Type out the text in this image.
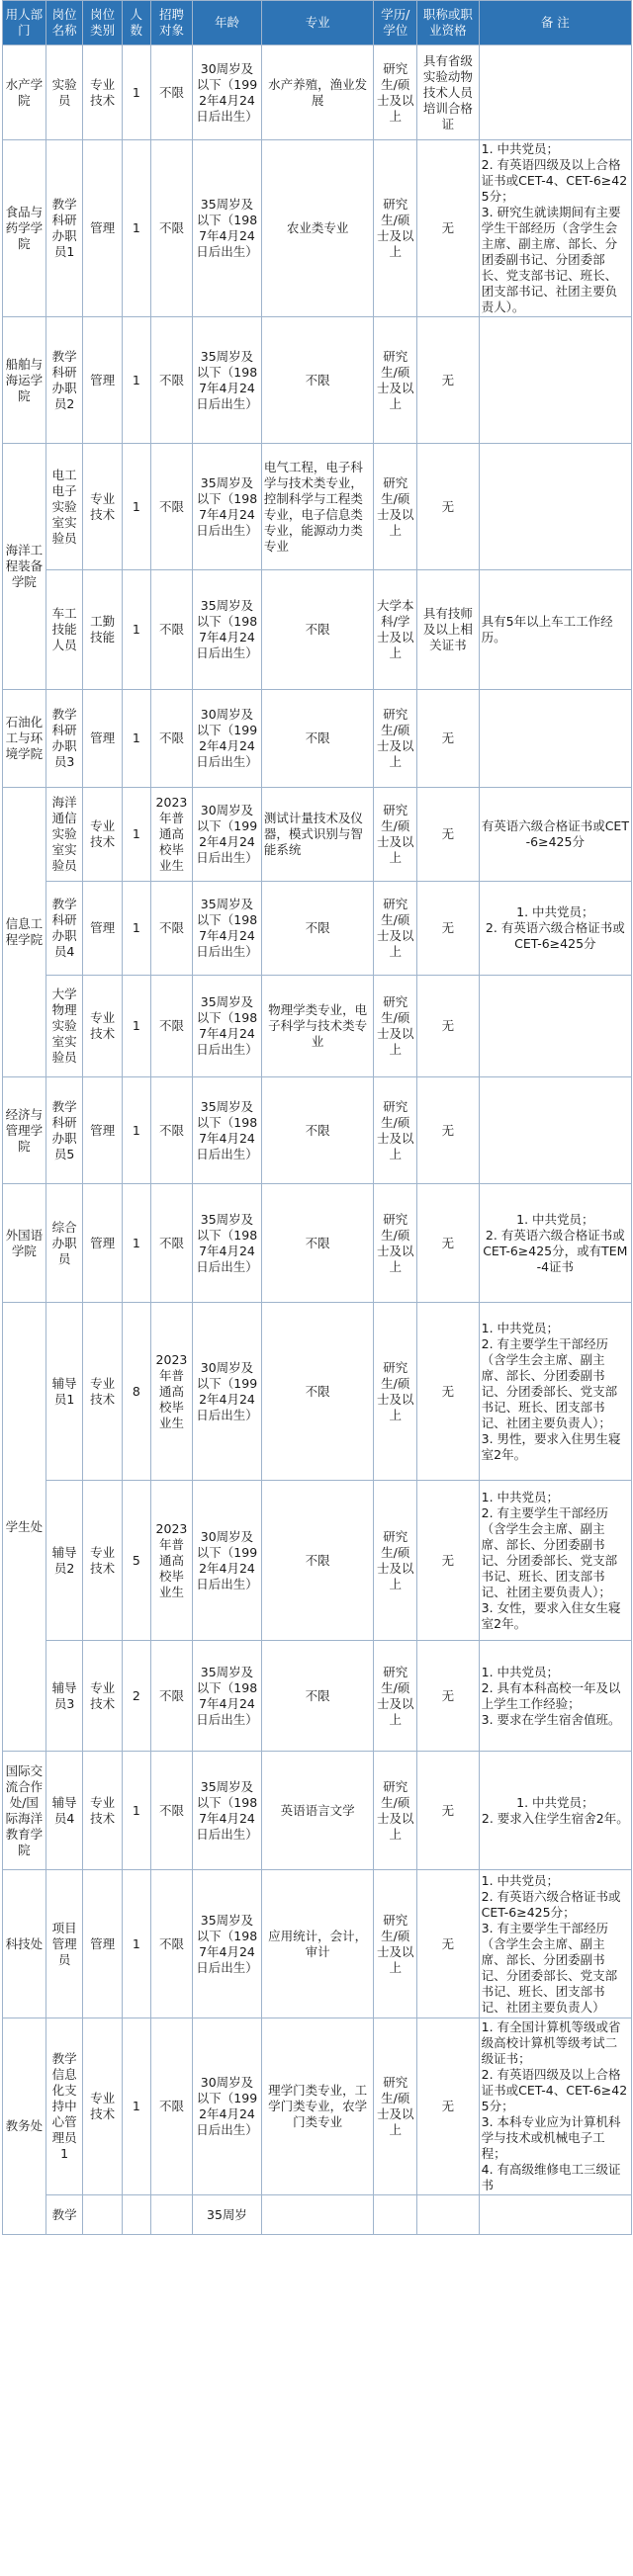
用人部门	岗位名称	岗位类别	人数	招聘对象	年龄	专业	学历/学位	职称或职业资格	备 注
水产学院	实验员	专业技术	1	不限	30周岁及以下（1992年4月24日后出生）	水产养殖，渔业发展	研究生/硕士及以上	具有省级实验动物技术人员培训合格证	
食品与药学学院	教学科研办职员1	管理	1	不限	35周岁及以下（1987年4月24日后出生）	农业类专业	研究生/硕士及以上	无	1. 中共党员；
2. 有英语四级及以上合格证书或CET-4、CET-6≥425分；
3. 研究生就读期间有主要学生干部经历（含学生会主席、副主席、部长、分团委副书记、分团委部长、党支部书记、班长、团支部书记、社团主要负责人）。
船舶与海运学院	教学科研办职员2	管理	1	不限	35周岁及以下（1987年4月24日后出生）	不限	研究生/硕士及以上	无	
海洋工程装备学院	电工电子实验室实验员	专业技术	1	不限	35周岁及以下（1987年4月24日后出生）	电气工程，电子科学与技术类专业，控制科学与工程类专业，电子信息类专业，能源动力类专业	研究生/硕士及以上	无	
	车工技能人员	工勤技能	1	不限	35周岁及以下（1987年4月24日后出生）	不限	大学本科/学士及以上	具有技师及以上相关证书	具有5年以上车工工作经历。
石油化工与环境学院	教学科研办职员3	管理	1	不限	30周岁及以下（1992年4月24日后出生）	不限	研究生/硕士及以上	无	
信息工程学院	海洋通信实验室实验员	专业技术	1	2023年普通高校毕业生	30周岁及以下（1992年4月24日后出生）	测试计量技术及仪器，模式识别与智能系统	研究生/硕士及以上	无	有英语六级合格证书或CET-6≥425分
	教学科研办职员4	管理	1	不限	35周岁及以下（1987年4月24日后出生）	不限	研究生/硕士及以上	无	1. 中共党员；
2. 有英语六级合格证书或CET-6≥425分
	大学物理实验室实验员	专业技术	1	不限	35周岁及以下（1987年4月24日后出生）	物理学类专业，电子科学与技术类专业	研究生/硕士及以上	无	
经济与管理学院	教学科研办职员5	管理	1	不限	35周岁及以下（1987年4月24日后出生）	不限	研究生/硕士及以上	无	
外国语学院	综合办职员	管理	1	不限	35周岁及以下（1987年4月24日后出生）	不限	研究生/硕士及以上	无	1. 中共党员；
2. 有英语六级合格证书或CET-6≥425分，或有TEM-4证书
学生处	辅导员1	专业技术	8	2023年普通高校毕业生	30周岁及以下（1992年4月24日后出生）	不限	研究生/硕士及以上	无	1. 中共党员；
2. 有主要学生干部经历（含学生会主席、副主席、部长、分团委副书记、分团委部长、党支部书记、班长、团支部书记、社团主要负责人）；
3. 男性，要求入住男生寝室2年。
	辅导员2	专业技术	5	2023年普通高校毕业生	30周岁及以下（1992年4月24日后出生）	不限	研究生/硕士及以上	无	1. 中共党员；
2. 有主要学生干部经历（含学生会主席、副主席、部长、分团委副书记、分团委部长、党支部书记、班长、团支部书记、社团主要负责人）；
3. 女性，要求入住女生寝室2年。
	辅导员3	专业技术	2	不限	35周岁及以下（1987年4月24日后出生）	不限	研究生/硕士及以上	无	1. 中共党员；
2. 具有本科高校一年及以上学生工作经验；
3. 要求在学生宿舍值班。
国际交流合作处/国际海洋教育学院	辅导员4	专业技术	1	不限	35周岁及以下（1987年4月24日后出生）	英语语言文学	研究生/硕士及以上	无	1. 中共党员；
2. 要求入住学生宿舍2年。
科技处	项目管理员	管理	1	不限	35周岁及以下（1987年4月24日后出生）	应用统计，会计，审计	研究生/硕士及以上	无	1. 中共党员；
2. 有英语六级合格证书或CET-6≥425分；
3. 有主要学生干部经历（含学生会主席、副主席、部长、分团委副书记、分团委部长、党支部书记、班长、团支部书记、社团主要负责人）
教务处	教学信息化支持中心管理员1	专业技术	1	不限	30周岁及以下（1992年4月24日后出生）	理学门类专业，工学门类专业，农学门类专业	研究生/硕士及以上	无	1. 有全国计算机等级或省级高校计算机等级考试二级证书；
2. 有英语四级及以上合格证书或CET-4、CET-6≥425分；
3. 本科专业应为计算机科学与技术或机械电子工程；
4. 有高级维修电工三级证书
	教学				35周岁				
